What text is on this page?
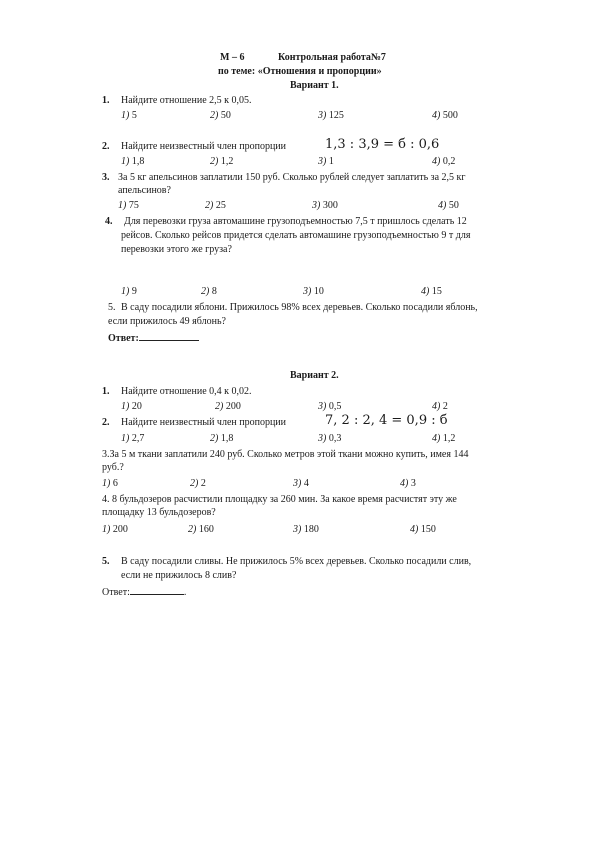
М – 6	Контрольная работа№7
по теме: «Отношения и пропорции»
Вариант 1.
1. Найдите отношение 2,5 к 0,05.
1) 5	2) 50	3) 125	4) 500
2. Найдите неизвестный член пропорции	1,3 : 3,9 = б : 0,6
1) 1,8	2) 1,2	3) 1	4) 0,2
3. За 5 кг апельсинов заплатили 150 руб. Сколько рублей следует заплатить за 2,5 кг
апельсинов?
1) 75	2) 25	3) 300	4) 50
4. Для перевозки груза автомашине грузоподъемностью 7,5 т пришлось сделать 12
рейсов. Сколько рейсов придется сделать автомашине грузоподъемностью 9 т для
перевозки этого же груза?
1) 9	2) 8	3) 10	4) 15
5. В саду посадили яблони. Прижилось 98% всех деревьев. Сколько посадили яблонь,
если прижилось 49 яблонь?
Ответ:
Вариант 2.
1. Найдите отношение 0,4 к 0,02.
1) 20	2) 200	3) 0,5	4) 2
2. Найдите неизвестный член пропорции	7, 2 : 2, 4 = 0,9 : б
1) 2,7	2) 1,8	3) 0,3	4) 1,2
3.За 5 м ткани заплатили 240 руб. Сколько метров этой ткани можно купить, имея 144
руб.?
1) 6	2) 2	3) 4	4) 3
4. 8 бульдозеров расчистили площадку за 260 мин. За какое время расчистят эту же
площадку 13 бульдозеров?
1) 200	2) 160	3) 180	4) 150
5. В саду посадили сливы. Не прижилось 5% всех деревьев. Сколько посадили слив,
если не прижилось 8 слив?
Ответ:	.
